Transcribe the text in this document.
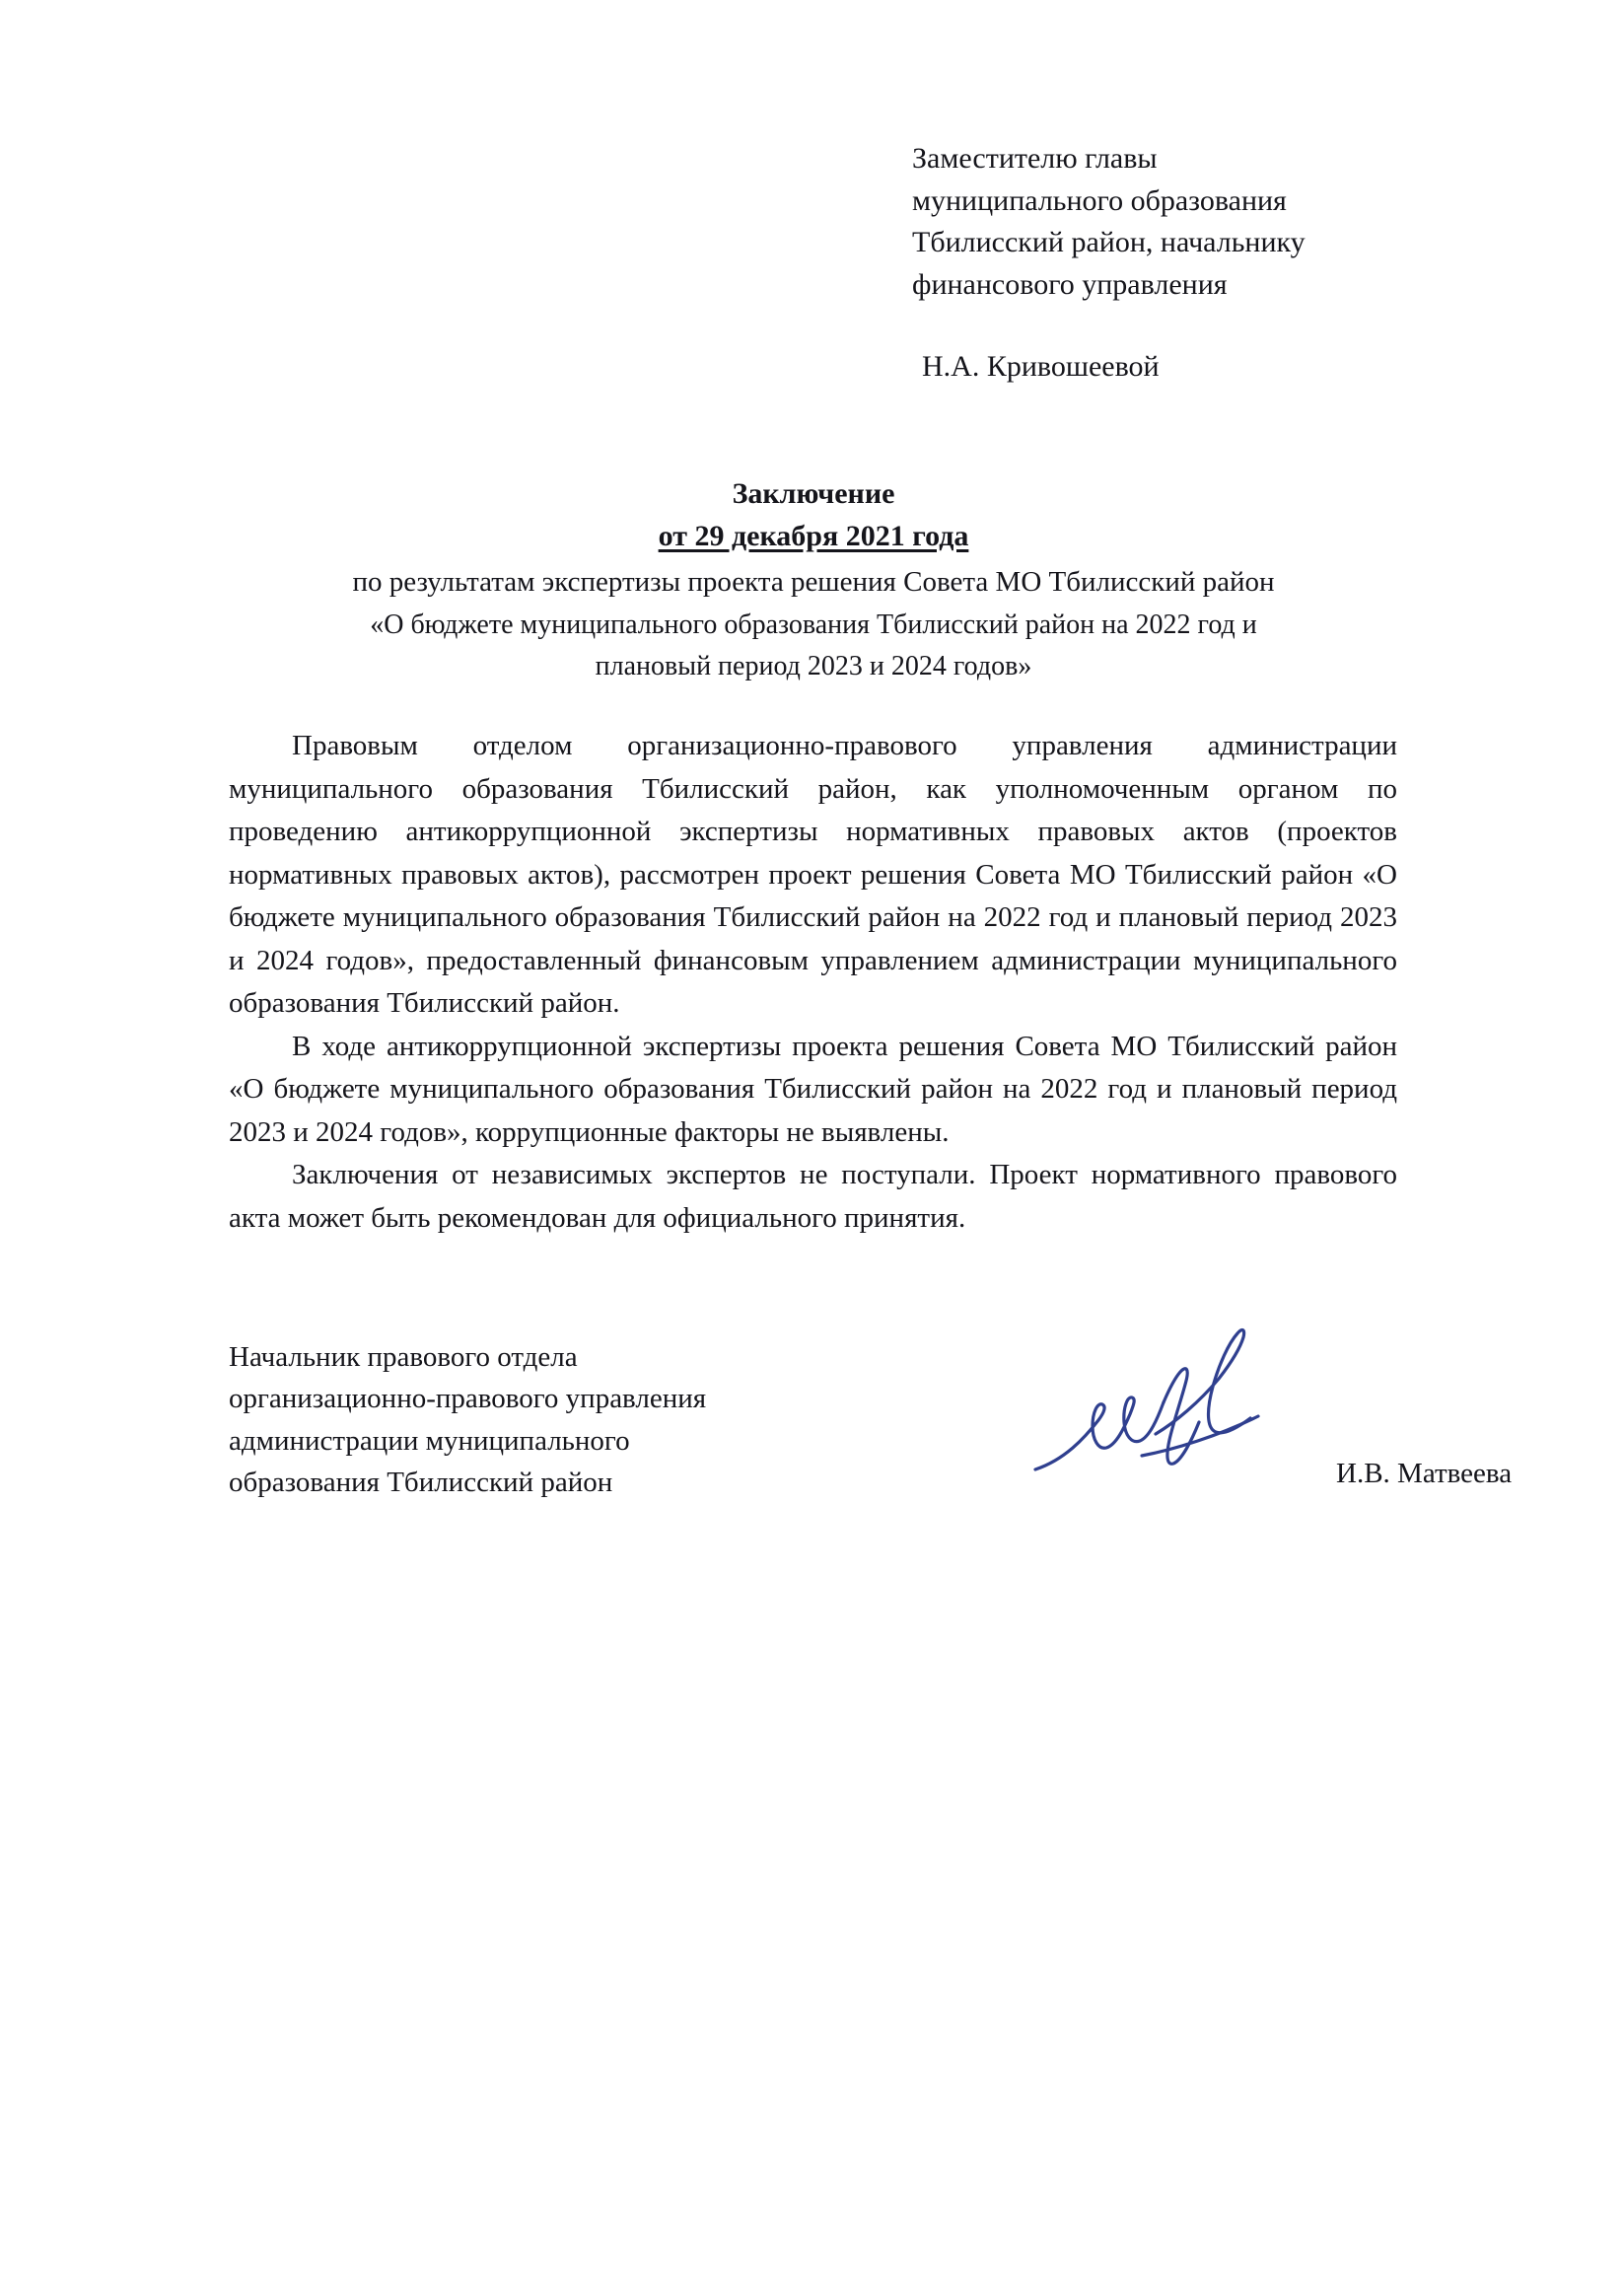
Заместителю главы
муниципального образования
Тбилисский район, начальнику
финансового управления
Н.А. Кривошеевой
Заключение
от 29 декабря 2021 года
по результатам экспертизы проекта решения Совета МО Тбилисский район
«О бюджете муниципального образования Тбилисский район на 2022 год и
плановый период 2023 и 2024 годов»

Правовым отделом организационно-правового управления администрации муниципального образования Тбилисский район, как уполномоченным органом по проведению антикоррупционной экспертизы нормативных правовых актов (проектов нормативных правовых актов), рассмотрен проект решения Совета МО Тбилисский район «О бюджете муниципального образования Тбилисский район на 2022 год и плановый период 2023 и 2024 годов», предоставленный финансовым управлением администрации муниципального образования Тбилисский район.

В ходе антикоррупционной экспертизы проекта решения Совета МО Тбилисский район «О бюджете муниципального образования Тбилисский район на 2022 год и плановый период 2023 и 2024 годов», коррупционные факторы не выявлены.

Заключения от независимых экспертов не поступали. Проект нормативного правового акта может быть рекомендован для официального принятия.

Начальник правового отдела
организационно-правового управления
администрации муниципального
образования Тбилисский район	И.В. Матвеева
